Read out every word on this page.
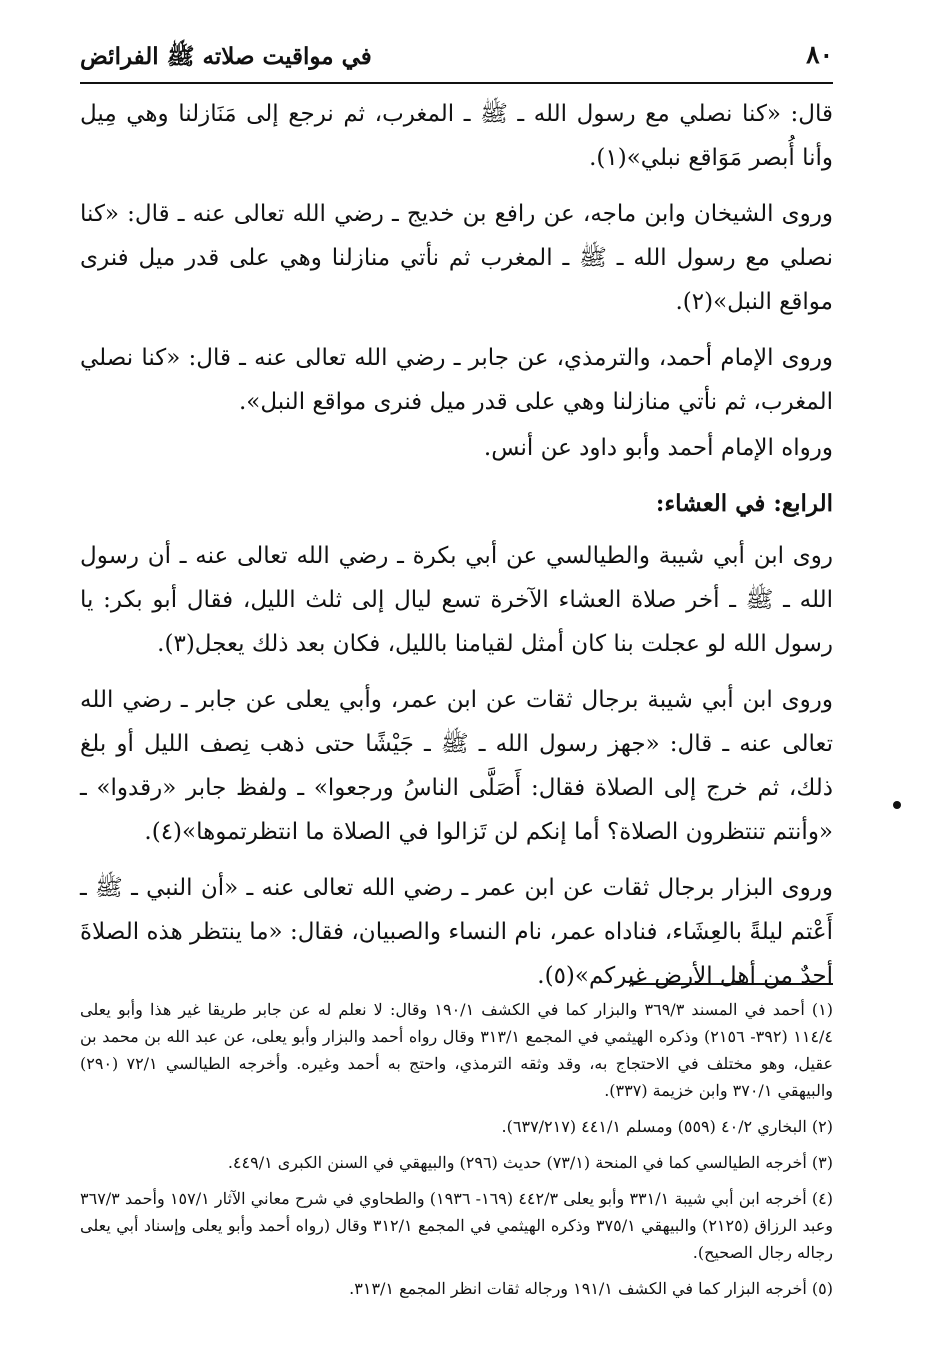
٨٠
في مواقيت صلاته ﷺ الفرائض

قال: «كنا نصلي مع رسول الله ـ ﷺ ـ المغرب، ثم نرجع إلى مَنَازلنا وهي مِيل وأنا أُبصر مَوَاقع نبلي»(١).

وروى الشيخان وابن ماجه، عن رافع بن خديج ـ رضي الله تعالى عنه ـ قال: «كنا نصلي مع رسول الله ـ ﷺ ـ المغرب ثم نأتي منازلنا وهي على قدر ميل فنرى مواقع النبل»(٢).

وروى الإمام أحمد، والترمذي، عن جابر ـ رضي الله تعالى عنه ـ قال: «كنا نصلي المغرب، ثم نأتي منازلنا وهي على قدر ميل فنرى مواقع النبل».

ورواه الإمام أحمد وأبو داود عن أنس.

الرابع: في العشاء:

روى ابن أبي شيبة والطيالسي عن أبي بكرة ـ رضي الله تعالى عنه ـ أن رسول الله ـ ﷺ ـ أخر صلاة العشاء الآخرة تسع ليال إلى ثلث الليل، فقال أبو بكر: يا رسول الله لو عجلت بنا كان أمثل لقيامنا بالليل، فكان بعد ذلك يعجل(٣).

وروى ابن أبي شيبة برجال ثقات عن ابن عمر، وأبي يعلى عن جابر ـ رضي الله تعالى عنه ـ قال: «جهز رسول الله ـ ﷺ ـ جَيْشًا حتى ذهب نِصف الليل أو بلغ ذلك، ثم خرج إلى الصلاة فقال: أَصَلَّى الناسُ ورجعوا» ـ ولفظ جابر «رقدوا» ـ «وأنتم تنتظرون الصلاة؟ أما إنكم لن تَزالوا في الصلاة ما انتظرتموها»(٤).

وروى البزار برجال ثقات عن ابن عمر ـ رضي الله تعالى عنه ـ «أن النبي ـ ﷺ ـ أَعْتم ليلةً بالعِشَاء، فناداه عمر، نام النساء والصبيان، فقال: «ما ينتظر هذه الصلاةَ أحدٌ من أهل الأرض غيركم»(٥).

(١) أحمد في المسند ٣٦٩/٣ والبزار كما في الكشف ١٩٠/١ وقال: لا نعلم له عن جابر طريقا غير هذا وأبو يعلى ١١٤/٤ (٣٩٢- ٢١٥٦) وذكره الهيثمي في المجمع ٣١٣/١ وقال رواه أحمد والبزار وأبو يعلى، عن عبد الله بن محمد بن عقيل، وهو مختلف في الاحتجاج به، وقد وثقه الترمذي، واحتج به أحمد وغيره. وأخرجه الطيالسي ٧٢/١ (٢٩٠) والبيهقي ٣٧٠/١ وابن خزيمة (٣٣٧).

(٢) البخاري ٤٠/٢ (٥٥٩) ومسلم ٤٤١/١ (٦٣٧/٢١٧).

(٣) أخرجه الطيالسي كما في المنحة (٧٣/١) حديث (٢٩٦) والبيهقي في السنن الكبرى ٤٤٩/١.

(٤) أخرجه ابن أبي شيبة ٣٣١/١ وأبو يعلى ٤٤٢/٣ (١٦٩- ١٩٣٦) والطحاوي في شرح معاني الآثار ١٥٧/١ وأحمد ٣٦٧/٣ وعبد الرزاق (٢١٢٥) والبيهقي ٣٧٥/١ وذكره الهيثمي في المجمع ٣١٢/١ وقال (رواه أحمد وأبو يعلى وإسناد أبي يعلى رجاله رجال الصحيح).

(٥) أخرجه البزار كما في الكشف ١٩١/١ ورجاله ثقات انظر المجمع ٣١٣/١.
